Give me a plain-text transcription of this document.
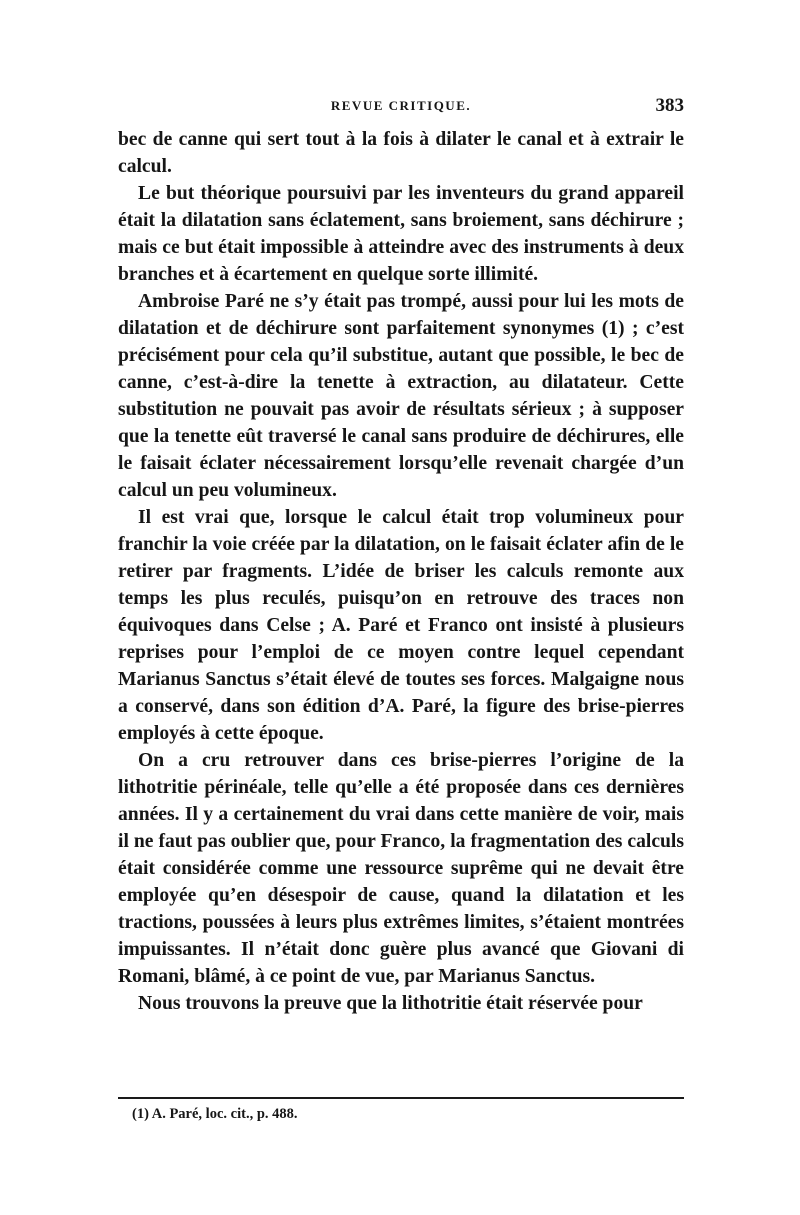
REVUE CRITIQUE.	383

bec de canne qui sert tout à la fois à dilater le canal et à extrair le calcul.

Le but théorique poursuivi par les inventeurs du grand appareil était la dilatation sans éclatement, sans broiement, sans déchirure ; mais ce but était impossible à atteindre avec des instruments à deux branches et à écartement en quelque sorte illimité.

Ambroise Paré ne s’y était pas trompé, aussi pour lui les mots de dilatation et de déchirure sont parfaitement synonymes (1) ; c’est précisément pour cela qu’il substitue, autant que possible, le bec de canne, c’est-à-dire la tenette à extraction, au dilatateur. Cette substitution ne pouvait pas avoir de résultats sérieux ; à supposer que la tenette eût traversé le canal sans produire de déchirures, elle le faisait éclater nécessairement lorsqu’elle revenait chargée d’un calcul un peu volumineux.

Il est vrai que, lorsque le calcul était trop volumineux pour franchir la voie créée par la dilatation, on le faisait éclater afin de le retirer par fragments. L’idée de briser les calculs remonte aux temps les plus reculés, puisqu’on en retrouve des traces non équivoques dans Celse ; A. Paré et Franco ont insisté à plusieurs reprises pour l’emploi de ce moyen contre lequel cependant Marianus Sanctus s’était élevé de toutes ses forces. Malgaigne nous a conservé, dans son édition d’A. Paré, la figure des brise-pierres employés à cette époque.

On a cru retrouver dans ces brise-pierres l’origine de la lithotritie périnéale, telle qu’elle a été proposée dans ces dernières années. Il y a certainement du vrai dans cette manière de voir, mais il ne faut pas oublier que, pour Franco, la fragmentation des calculs était considérée comme une ressource suprême qui ne devait être employée qu’en désespoir de cause, quand la dilatation et les tractions, poussées à leurs plus extrêmes limites, s’étaient montrées impuissantes. Il n’était donc guère plus avancé que Giovani di Romani, blâmé, à ce point de vue, par Marianus Sanctus.

Nous trouvons la preuve que la lithotritie était réservée pour

(1) A. Paré, loc. cit., p. 488.
